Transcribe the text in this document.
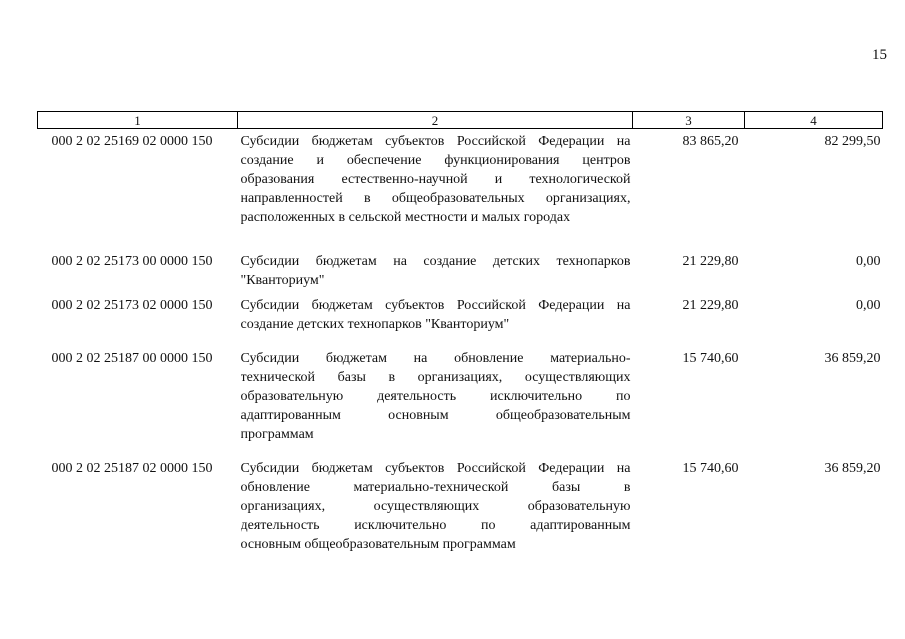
15
1	2	3	4
000 2 02 25169 02 0000 150	Субсидии бюджетам субъектов Российской Федерации на
создание и обеспечение функционирования центров
образования естественно-научной и технологической
направленностей в общеобразовательных организациях,
расположенных в сельской местности и малых городах	83 865,20	82 299,50
000 2 02 25173 00 0000 150	Субсидии бюджетам на создание детских технопарков
"Кванториум"	21 229,80	0,00
000 2 02 25173 02 0000 150	Субсидии бюджетам субъектов Российской Федерации на
создание детских технопарков "Кванториум"	21 229,80	0,00
000 2 02 25187 00 0000 150	Субсидии бюджетам на обновление материально-
технической базы в организациях, осуществляющих
образовательную деятельность исключительно по
адаптированным основным общеобразовательным
программам	15 740,60	36 859,20
000 2 02 25187 02 0000 150	Субсидии бюджетам субъектов Российской Федерации на
обновление материально-технической базы в
организациях, осуществляющих образовательную
деятельность исключительно по адаптированным
основным общеобразовательным программам	15 740,60	36 859,20
